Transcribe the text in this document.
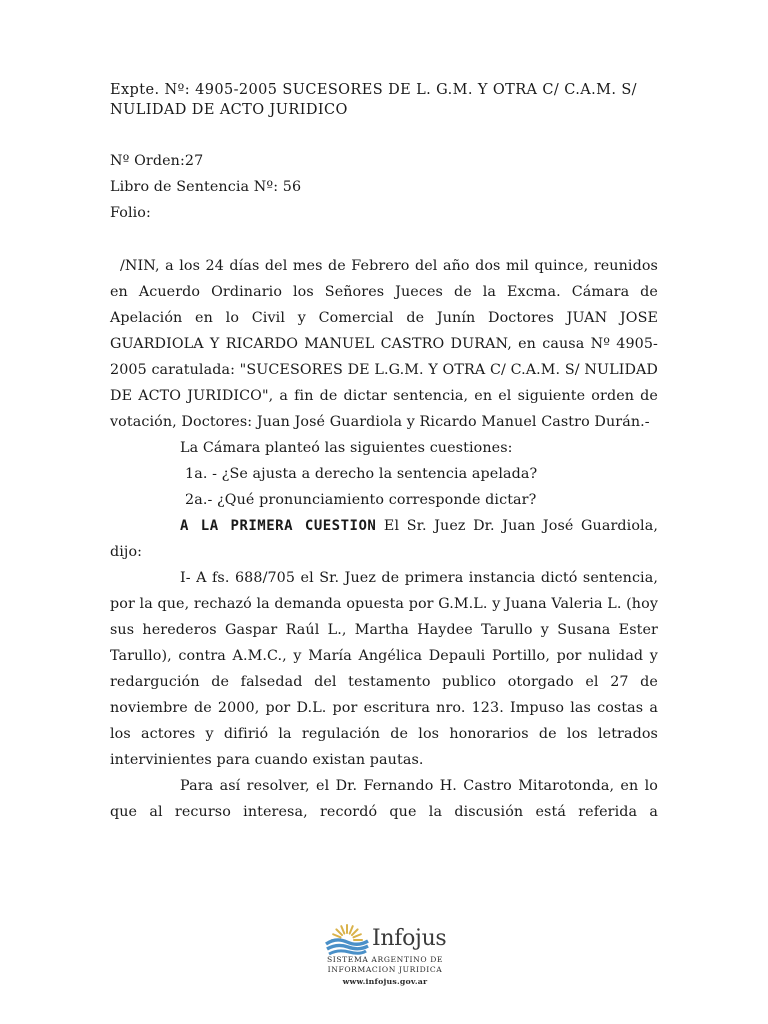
Expte. Nº: 4905-2005 SUCESORES DE L. G.M. Y OTRA C/ C.A.M. S/
NULIDAD DE ACTO JURIDICO
Nº Orden:27
Libro de Sentencia Nº: 56
Folio:

/NIN, a los 24 días del mes de Febrero del año dos mil quince, reunidos en Acuerdo Ordinario los Señores Jueces de la Excma. Cámara de Apelación en lo Civil y Comercial de Junín Doctores JUAN JOSE GUARDIOLA Y RICARDO MANUEL CASTRO DURAN, en causa Nº 4905-2005 caratulada: "SUCESORES DE L.G.M. Y OTRA C/ C.A.M. S/ NULIDAD DE ACTO JURIDICO", a fin de dictar sentencia, en el siguiente orden de votación, Doctores: Juan José Guardiola y Ricardo Manuel Castro Durán.-

La Cámara planteó las siguientes cuestiones:

1a. - ¿Se ajusta a derecho la sentencia apelada?

2a.- ¿Qué pronunciamiento corresponde dictar?

A LA PRIMERA CUESTION El Sr. Juez Dr. Juan José Guardiola, dijo:

I- A fs. 688/705 el Sr. Juez de primera instancia dictó sentencia, por la que, rechazó la demanda opuesta por G.M.L. y Juana Valeria L. (hoy sus herederos Gaspar Raúl L., Martha Haydee Tarullo y Susana Ester Tarullo), contra A.M.C., y María Angélica Depauli Portillo, por nulidad y redargución de falsedad del testamento publico otorgado el 27 de noviembre de 2000, por D.L. por escritura nro. 123. Impuso las costas a los actores y difirió la regulación de los honorarios de los letrados intervinientes para cuando existan pautas.

Para así resolver, el Dr. Fernando H. Castro Mitarotonda, en lo que al recurso interesa, recordó que la discusión está referida a

Infojus
SISTEMA ARGENTINO DE
INFORMACION JURIDICA
www.infojus.gov.ar
